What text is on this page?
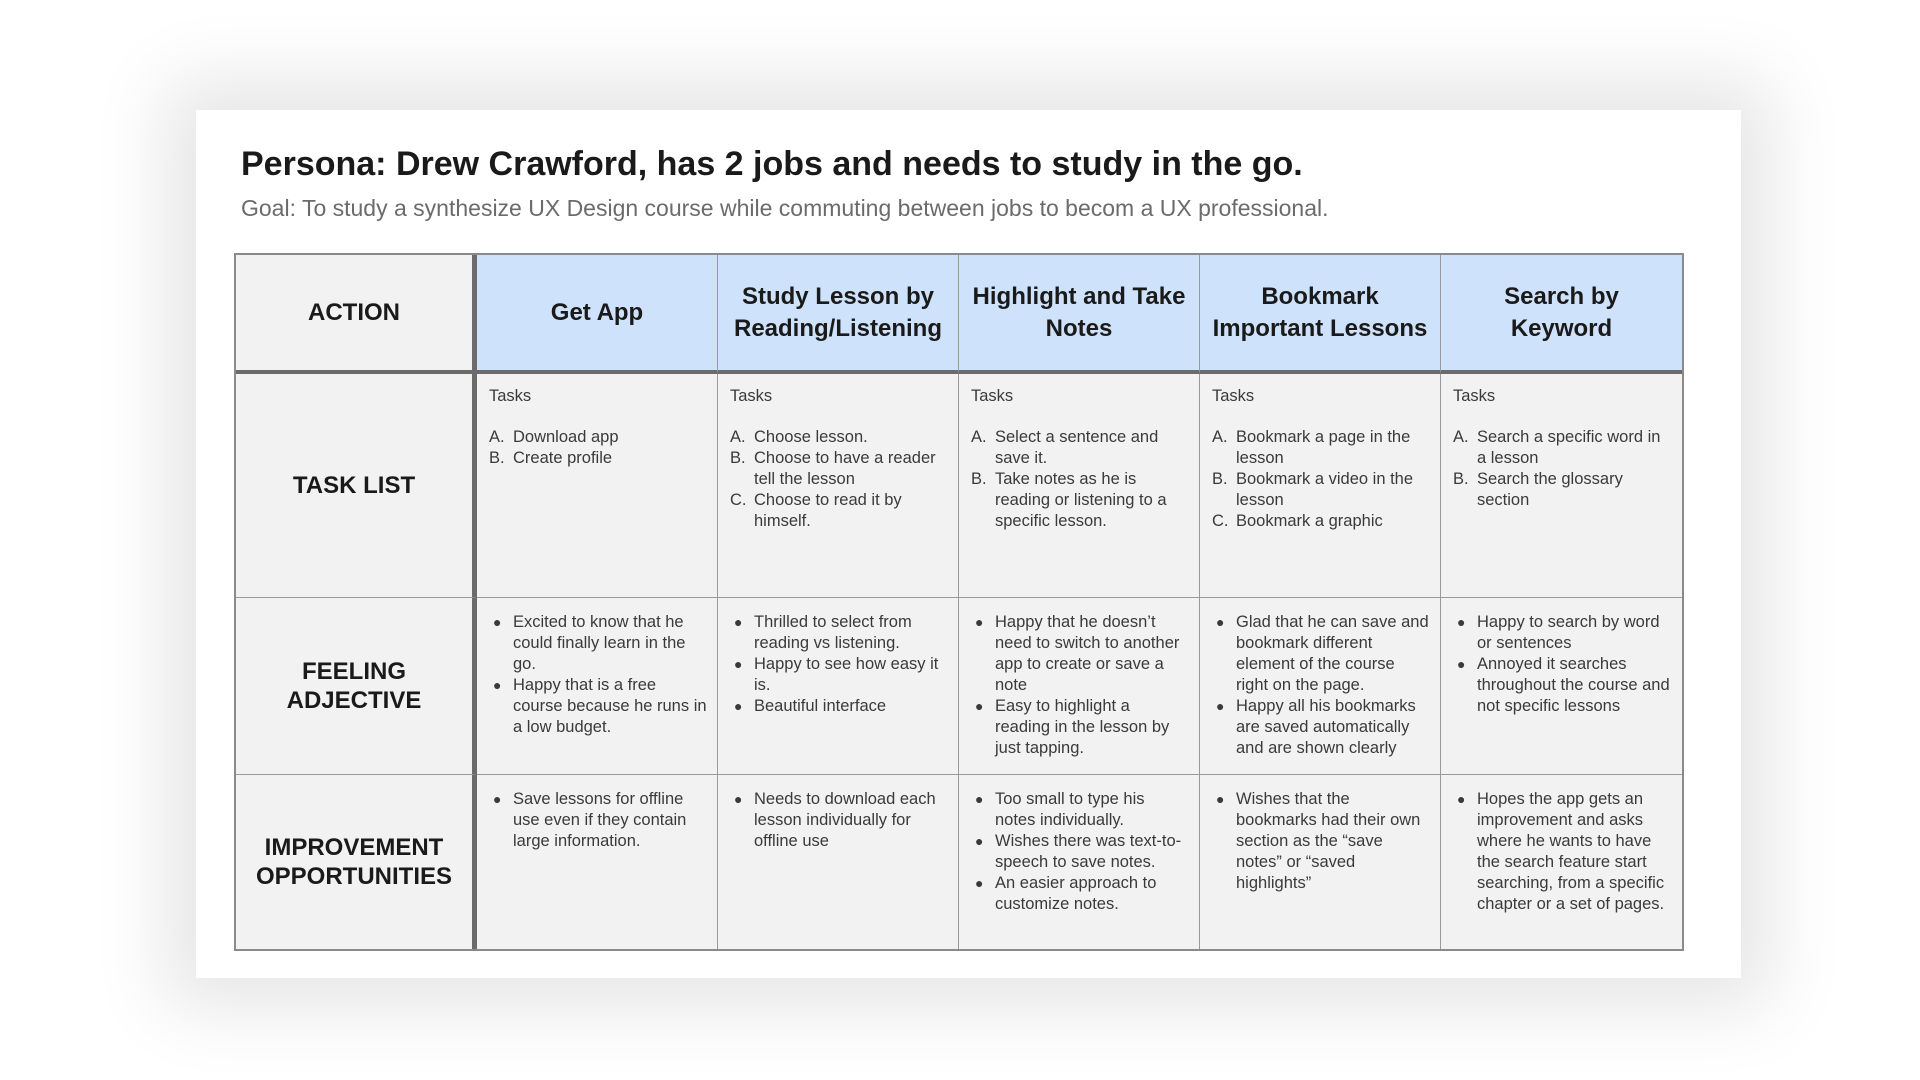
Persona: Drew Crawford, has 2 jobs and needs to study in the go.

Goal: To study a synthesize UX Design course while commuting between jobs to becom a UX professional.

ACTION	Get App
Study Lesson by Reading/Listening
Highlight and Take Notes
Bookmark Important Lessons
Search by Keyword
TASK LIST
Tasks
A. Download app
B. Create profile
Tasks
A. Choose lesson.
B. Choose to have a reader tell the lesson
C. Choose to read it by himself.
Tasks
A. Select a sentence and save it.
B. Take notes as he is reading or listening to a specific lesson.
Tasks
A. Bookmark a page in the lesson
B. Bookmark a video in the lesson
C. Bookmark a graphic
Tasks
A. Search a specific word in a lesson
B. Search the glossary section
FEELING ADJECTIVE
● Excited to know that he could finally learn in the go.
● Happy that is a free course because he runs in a low budget.
● Thrilled to select from reading vs listening.
● Happy to see how easy it is.
● Beautiful interface
● Happy that he doesn’t need to switch to another app to create or save a note
● Easy to highlight a reading in the lesson by just tapping.
● Glad that he can save and bookmark different element of the course right on the page.
● Happy all his bookmarks are saved automatically and are shown clearly
● Happy to search by word or sentences
● Annoyed it searches throughout the course and not specific lessons
IMPROVEMENT OPPORTUNITIES
● Save lessons for offline use even if they contain large information.
● Needs to download each lesson individually for offline use
● Too small to type his notes individually.
● Wishes there was text-to-speech to save notes.
● An easier approach to customize notes.
● Wishes that the bookmarks had their own section as the “save notes” or “saved highlights”
● Hopes the app gets an improvement and asks where he wants to have the search feature start searching, from a specific chapter or a set of pages.
